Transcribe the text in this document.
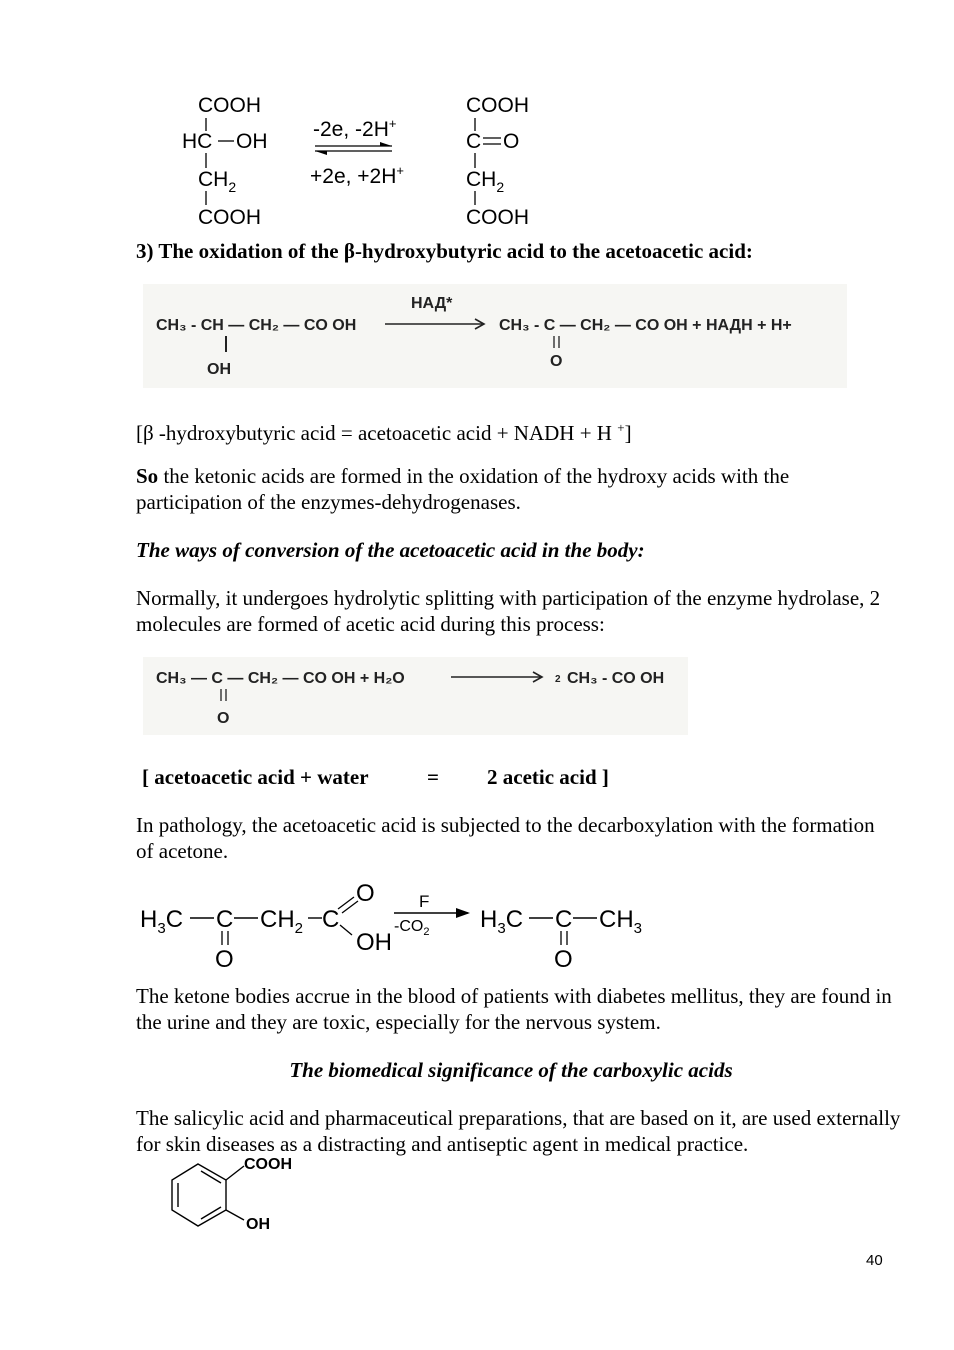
COOH
HC OH
$CH_2$
COOH
-2e, -2H+
+2e, +2H+
COOH
C O
$CH_2$
COOH
3) The oxidation of the β-hydroxybutyric acid to the acetoacetic acid:
CH₃ - CH — CH₂ — CO OH
OH
НАД*
CH₃ - C — CH₂ — CO OH + НАДН + Н+
O
[β -hydroxybutyric acid = acetoacetic acid + NADH + H +]
So the ketonic acids are formed in the oxidation of the hydroxy acids with the participation of the enzymes-dehydrogenases.
The ways of conversion of the acetoacetic acid in the body:
Normally, it undergoes hydrolytic splitting with participation of the enzyme hydrolase, 2 molecules are formed of acetic acid during this process:
CH₃ — C — CH₂ — CO OH + H₂O
O
2 CH₃ - CO OH
[ acetoacetic acid + water	= 2 acetic acid ]
In pathology, the acetoacetic acid is subjected to the decarboxylation with the formation of acetone.
$H_3C$ C
O
$CH_2$ C
O
OH
F
$-CO_2$ $H_3C$ C
O
$CH_3$
The ketone bodies accrue in the blood of patients with diabetes mellitus, they are found in the urine and they are toxic, especially for the nervous system.
The biomedical significance of the carboxylic acids
The salicylic acid and pharmaceutical preparations, that are based on it, are used externally for skin diseases as a distracting and antiseptic agent in medical practice.
COOH
OH
40
